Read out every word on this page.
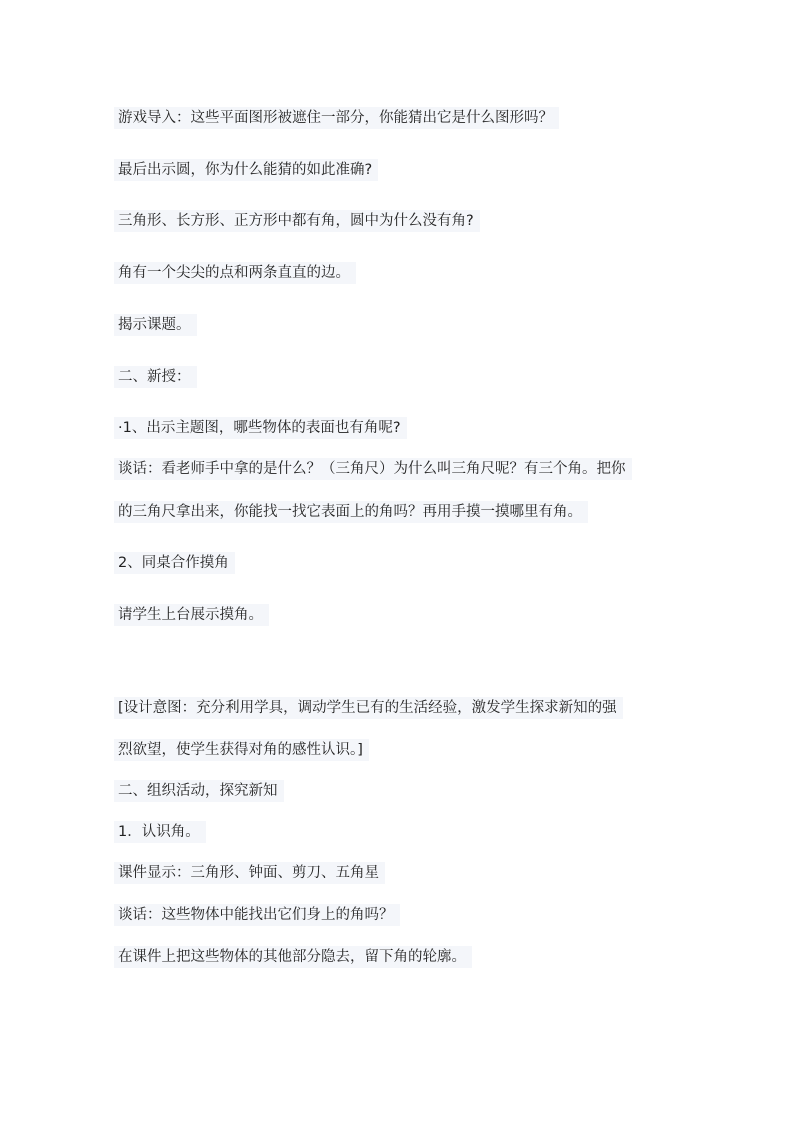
游戏导入：这些平面图形被遮住一部分，你能猜出它是什么图形吗？
最后出示圆，你为什么能猜的如此准确?
三角形、长方形、正方形中都有角，圆中为什么没有角?
角有一个尖尖的点和两条直直的边。
揭示课题。
二、新授：
·1、出示主题图，哪些物体的表面也有角呢?
谈话：看老师手中拿的是什么？（三角尺）为什么叫三角尺呢？有三个角。把你
的三角尺拿出来，你能找一找它表面上的角吗？再用手摸一摸哪里有角。
2、同桌合作摸角
请学生上台展示摸角。
[设计意图：充分利用学具，调动学生已有的生活经验，激发学生探求新知的强
烈欲望，使学生获得对角的感性认识。]
二、组织活动，探究新知
1．认识角。
课件显示：三角形、钟面、剪刀、五角星
谈话：这些物体中能找出它们身上的角吗？
在课件上把这些物体的其他部分隐去，留下角的轮廓。
